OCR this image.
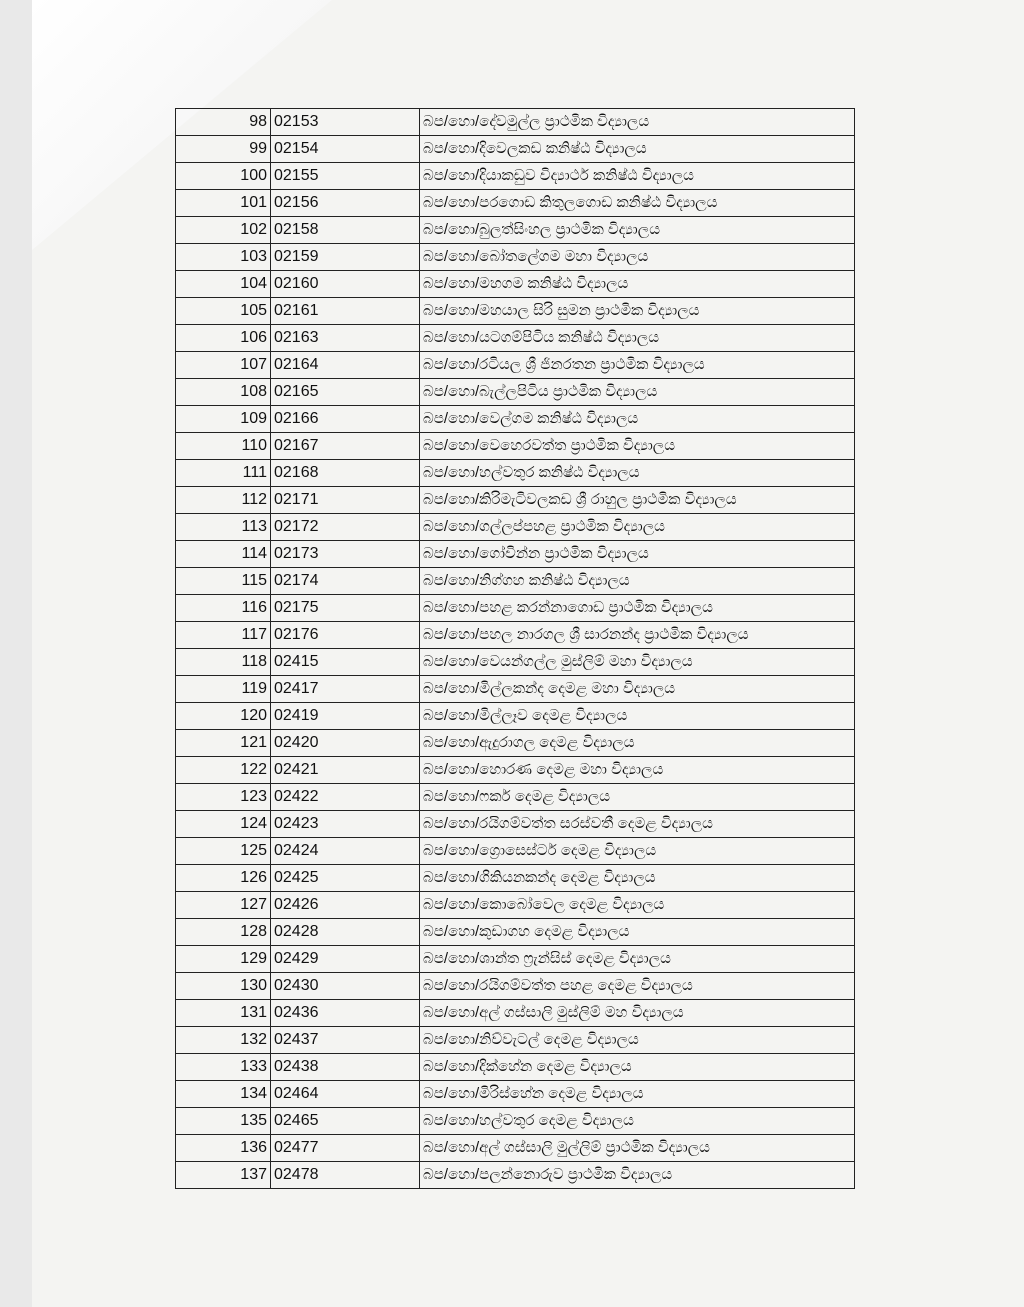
98	02153	බප/හො/දේවමුල්ල ප්‍රාථමික විද්‍යාලය
99	02154	බප/හො/දිවෙලකඩ කනිෂ්ඨ විද්‍යාලය
100	02155	බප/හො/දියාකඩුව විද්‍යාර්ථ කනිෂ්ඨ විද්‍යාලය
101	02156	බප/හො/පරගොඩ කිතුලගොඩ කනිෂ්ඨ විද්‍යාලය
102	02158	බප/හො/බුලත්සිංහල ප්‍රාථමික විද්‍යාලය
103	02159	බප/හො/බෝතලේගම මහා විද්‍යාලය
104	02160	බප/හො/මහගම කනිෂ්ඨ විද්‍යාලය
105	02161	බප/හො/මහයාල සිරි සුමන ප්‍රාථමික විද්‍යාලය
106	02163	බප/හො/යටගම්පිටිය කනිෂ්ඨ විද්‍යාලය
107	02164	බප/හො/රටියල ශ්‍රී ජිනරතන ප්‍රාථමික විද්‍යාලය
108	02165	බප/හො/බැල්ලපිටිය ප්‍රාථමික විද්‍යාලය
109	02166	බප/හො/වෙල්ගම කනිෂ්ඨ විද්‍යාලය
110	02167	බප/හො/වෙහෙරවත්ත ප්‍රාථමික විද්‍යාලය
111	02168	බප/හො/හල්වතුර කනිෂ්ඨ විද්‍යාලය
112	02171	බප/හො/කිරිමැටිවලකඩ ශ්‍රී රාහුල ප්‍රාථමික විද්‍යාලය
113	02172	බප/හො/ගල්ලප්පහළ ප්‍රාථමික විද්‍යාලය
114	02173	බප/හො/ගෝවින්න ප්‍රාථමික විද්‍යාලය
115	02174	බප/හො/නිග්ගහ කනිෂ්ඨ විද්‍යාලය
116	02175	බප/හො/පහළ කරන්නාගොඩ ප්‍රාථමික විද්‍යාලය
117	02176	බප/හො/පහල නාරගල ශ්‍රී සාරනන්ද ප්‍රාථමික විද්‍යාලය
118	02415	බප/හො/වෙයන්ගල්ල මුස්ලිම් මහා විද්‍යාලය
119	02417	බප/හො/මිල්ලකන්ද දෙමළ මහා විද්‍යාලය
120	02419	බප/හො/මිල්ලෑව දෙමළ විද්‍යාලය
121	02420	බප/හො/ඇදුරාගල දෙමළ විද්‍යාලය
122	02421	බප/හො/හොරණ දෙමළ මහා විද්‍යාලය
123	02422	බප/හො/ෆකර් දෙමළ විද්‍යාලය
124	02423	බප/හො/රයිගම්වත්ත සරස්වතී දෙමළ විද්‍යාලය
125	02424	බප/හො/ග්‍රොසෙස්ටර් දෙමළ විද්‍යාලය
126	02425	බප/හො/ගිකියනකන්ද දෙමළ විද්‍යාලය
127	02426	බප/හො/කොබෝවෙල දෙමළ විද්‍යාලය
128	02428	බප/හො/කුඩාගහ දෙමළ විද්‍යාලය
129	02429	බප/හො/ශාන්ත ෆ්‍රැන්සිස් දෙමළ විද්‍යාලය
130	02430	බප/හො/රයිගම්වත්ත පහළ දෙමළ විද්‍යාලය
131	02436	බප/හො/අල් ගස්සාලි මුස්ලිම් මහ විද්‍යාලය
132	02437	බප/හො/නිව්වැටල් දෙමළ විද්‍යාලය
133	02438	බප/හො/දික්හේන දෙමළ විද්‍යාලය
134	02464	බප/හො/මිරිස්හේන දෙමළ විද්‍යාලය
135	02465	බප/හො/හල්වතුර දෙමළ විද්‍යාලය
136	02477	බප/හො/අල් ගස්සාලි මුල්ලිම් ප්‍රාථමික විද්‍යාලය
137	02478	බප/හො/පලන්නොරුව ප්‍රාථමික විද්‍යාලය
